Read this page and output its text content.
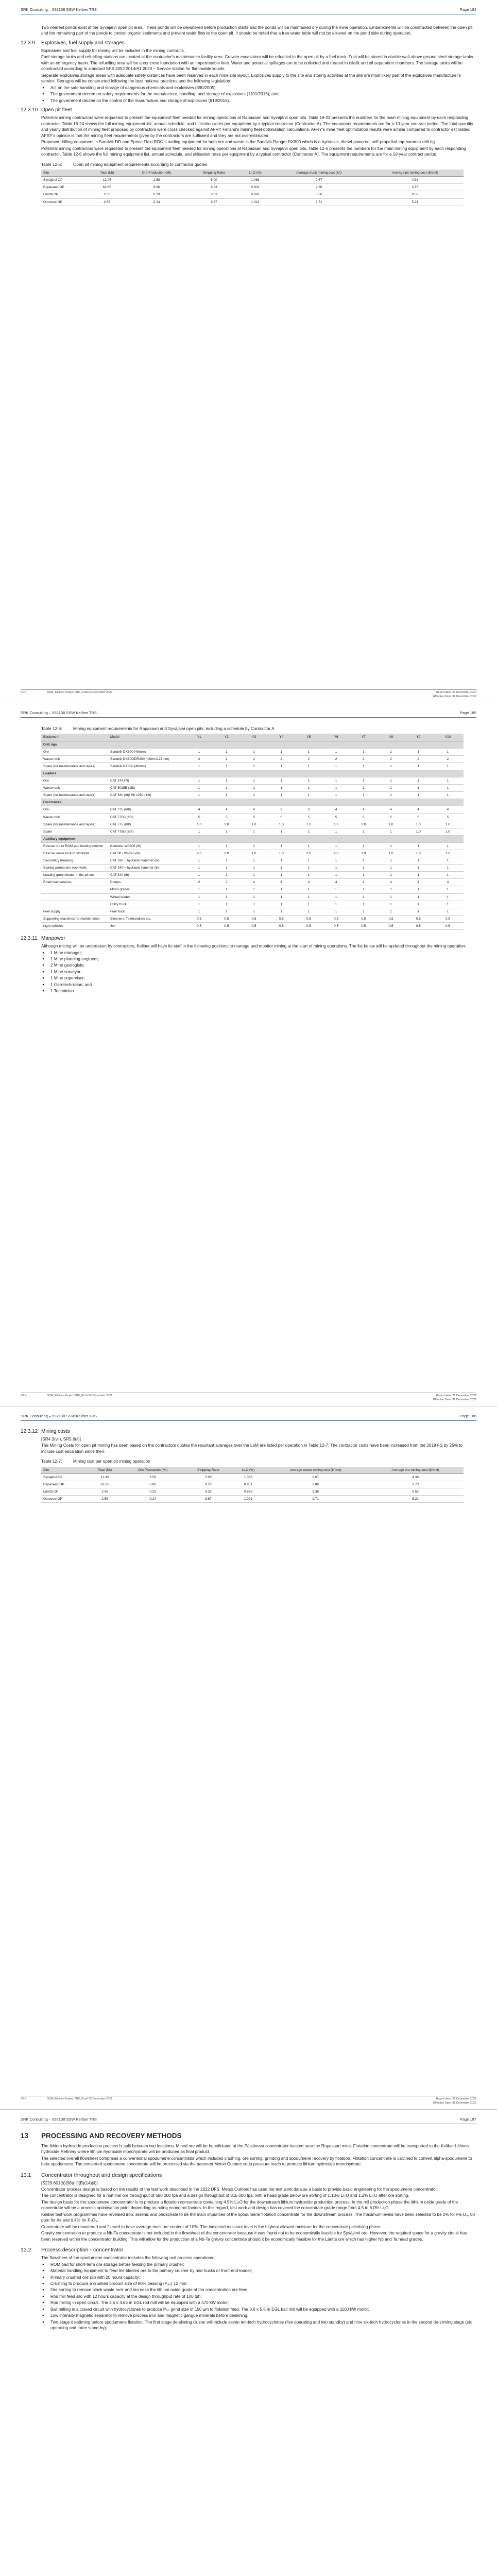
SRK Consulting – 592138 SSW Keliber TRS	Page 184

Two nearest ponds exist at the Syväjärvi open pit area. These ponds will be dewatered before production starts and the ponds will be maintained dry during the mine operation. Embankments will be constructed between the open pit and the remaining part of the ponds to control organic sediments and prevent water flow to the open pit. It should be noted that a free water table will not be allowed on the pond side during operation.

12.3.9	Explosives, fuel supply and storages

Explosives and fuel supply for mining will be included in the mining contracts.

Fuel storage tanks and refuelling stations are located at the contractor's maintenance facility area. Crawler excavators will be refuelled in the open pit by a fuel truck. Fuel will be stored in double-wall above ground steel storage tanks with an emergency basin. The refuelling area will be a concrete foundation with an impermeable liner. Water and potential spillages are to be collected and treated in oil/silt and oil separation chambers. The storage tanks will be constructed according to standard SFS 3352:2014/A1:2020 – Service station for flammable liquids.

Separate explosives storage areas with adequate safety distances have been reserved in each mine site layout. Explosives supply to the site and storing activities at the site are most likely part of the explosives manufacturer's service. Storages will be constructed following the best national practices and the following legislation:

● Act on the safe handling and storage of dangerous chemicals and explosives (390/2005);
● The government decree on safety requirements for the manufacture, handling, and storage of explosives (1101/2015); and
● The government decree on the control of the manufacture and storage of explosives (819/2015).
12.3.10 Open pit fleet

Potential mining contractors were requested to present the equipment fleet needed for mining operations at Rapasaari and Syväjärvi open pits. Table 16-23 presents the numbers for the main mining equipment by each responding contractor. Table 16-24 shows the full mining equipment list, annual schedule, and utilization rates per equipment by a typical contractor (Contractor A). The equipment requirements are for a 10-year contract period. The total quantity and yearly distribution of mining fleet proposed by contractors were cross checked against AFRY Finland's mining fleet optimisation calculations. AFRY's mine fleet optimization results were similar compared to contractor estimates. AFRY's opinion is that the mining fleet requirements given by the contractors are sufficient and they are not overestimated.

Proposed drilling equipment is Sandvik DR and Epiroc Flexi ROC. Loading equipment for both ore and waste is the Sandvik Ranger DX800 which is a hydraulic, diesel-powered, self-propelled top-hammer drill rig.

Potential mining contractors were requested to present the equipment fleet needed for mining operations at Rapasaari and Syväjärvi open pits. Table 12-5 presents the numbers for the main mining equipment by each responding contractor. Table 12-6 shows the full mining equipment list, annual schedule, and utilisation rates per equipment by a typical contractor (Contractor A). The equipment requirements are for a 10-year contract period.

Table 12-5:	Open pit mining equipment requirements according to contractor quotes
Site	Total (Mt)	Ore Production (Mt)	Stripping Ratio	Li₂O (%)	Average truck mining cost (€/t)	Average pit mining cost (€/dmt)
Syväjärvi OP	12.45	2.58	5.00	1.068	2.67	4.38
Rapasaari OP	62.65	6.86	8.23	0.901	2.86	3.73
Länttä OP	2.56	0.29	8.33	0.866	3.36	8.52
Outovesi OP	2.56	0.24	9.67	1.021	2.71	5.21
SRK	SSW_Keliber Project TRS_Final 22 December 2022	Report date: 22 December 2022
Effective Date: 31 December 2022
SRK Consulting – 592138 SSW Keliber TRS	Page 185
Table 12-6:	Mining equipment requirements for Rapasaari and Syväjärvi open pits, including a schedule by Contractor A
Equipment	Model	Y1	Y2	Y3	Y4	Y5	Y6	Y7	Y8	Y9	Y10
Drill rigs											
Ore	Sandvik DX800 (48mm)	1	1	1	1	1	1	1	1	1	1
Waste rock	Sandvik DX800/DR400 (48mm/127mm)	2	2	2	2	2	2	2	2	2	2
Spare (for maintenance and repair)	Sandvik DX800 (48mm)	1	1	1	1	1	1	1	1	1	1
Loaders											
Ore	CAT 374 (7t)	1	1	1	1	1	1	1	1	1	1
Waste rock	CAT 6015B (15t)	1	1	1	1	1	1	1	1	1	1
Spare (for maintenance and repair)	CAT 340 (6t)/ Hit 1250 (12t)	1	1	1	1	1	1	1	1	1	1
Haul trucks											
Ore	CAT 775 (60t)	4	4	4	3	3	4	4	4	4	4
Waste rock	CAT 775G (60t)	5	5	5	5	5	5	5	5	5	5
Spare (for maintenance and repair)	CAT 775 (60t)	1.0	1.0	1.0	1.0	1.0	1.0	1.0	1.0	1.0	1.0
Spare	CAT 775G (60t)	1	1	1	1	1	1	1	1	1.0	1.0
Auxiliary equipment											
Rescue ore to ROM pad feeding crusher	Komatsu WA600 (6t)	1	1	1	1	1	1	1	1	1	1
Rescue waste rock to stockpile	CAT 08 / 05-295 (6t)	2.0	2.0	1.0	1.0	2.0	2.0	1.0	1.0	1.0	1.0
Secondary breaking	CAT 330 + hydraulic hammer (6t)	1	1	1	1	1	1	1	1	1	1
Scaling permanent rock walls	CAT 340 + hydraulic hammer (6t)	1	1	1	1	1	1	1	1	1	1
Loading groundwater in the pit etc.	CAT 340 (6t)	1	1	1	1	1	1	1	1	1	1
Road maintenance	Pumps	2	2	4	4	4	4	4	4	4	4
	Motor grader	1	1	1	1	1	1	1	1	1	1
	Wheel loader	1	1	1	1	1	1	1	1	1	1
	Utility truck	1	1	1	1	1	1	1	1	1	1
Fuel supply	Fuel truck	1	1	1	1	1	1	1	1	1	1
Supporting machines for maintenance	Sleipners, Telehandlers etc.	0.5	0.5	0.5	0.5	0.5	0.5	0.5	0.5	0.5	0.5
Light vehicles	4x4	0.5	0.5	0.5	0.5	0.5	0.5	0.5	0.5	0.5	0.5
12.3.11 Manpower

Although mining will be undertaken by contractors, Keliber will have its staff in the following positions to manage and monitor mining at the start of mining operations. The list below will be updated throughout the mining operation:

● 1 Mine manager;
● 1 Mine planning engineer;
● 2 Mine geologists;
● 1 Mine surveyor;
● 1 Mine supervisor;
● 1 Geo-technician; and
● 1 Technician.
SRK	SSW_Keliber Project TRS_Final 22 December 2022	Report date: 22 December 2022
Effective Date: 31 December 2022
SRK Consulting – 592138 SSW Keliber TRS	Page 186
12.3.12 Mining costs

[SR4.3(vii), SR5.6(ii)]

The Mining Costs for open pit mining has been based on the contractors quotes the resultant averages over the LoM are listed per operation in Table 12-7. The contractor costs have been increased from the 2019 FS by 25% to include cost escalation since then.

Table 12-7:	Mining cost per open pit mining operation
Site	Total (Mt)	Ore Production (Mt)	Stripping Ratio	Li₂O (%)	Average waste mining cost (€/dmt)	Average ore mining cost (€/dmt)
Syväjärvi OP	12.45	2.58	5.00	1.068	2.67	4.38
Rapasaari OP	62.65	6.86	8.23	0.901	2.86	3.73
Länttä OP	2.56	0.29	8.33	0.866	3.36	8.52
Outovesi OP	2.56	0.24	9.67	1.021	2.71	5.21
SRK	SSW_Keliber Project TRS_Final 22 December 2022	Report date: 22 December 2022
Effective Date: 31 December 2022
SRK Consulting – 592138 SSW Keliber TRS	Page 187
13	PROCESSING AND RECOVERY METHODS

The lithium hydroxide production process is split between two locations. Mined ore will be beneficiated at the Päiväneva concentrator located near the Rapasaari mine. Flotation concentrate will be transported to the Keliber Lithium hydroxide Refinery where lithium hydroxide monohydrate will be produced as final product.

The selected overall flowsheet comprises a conventional spodumene concentrator which includes crushing, ore sorting, grinding and spodumene recovery by flotation. Flotation concentrate is calcined to convert alpha-spodumene to beta-spodumene. The converted spodumene concentrate will be processed via the patented Metso Outotec soda pressure leach to produce lithium hydroxide monohydrate.

13.1	Concentrator throughput and design specifications

[S229.601(b)(96)(iii)(B)(14)(ii)]

Concentrator process design is based on the results of the test work described in the 2022 DFS. Metso Outotec has used the test work data as a basis to provide basic engineering for the spodumene concentrator.

The concentrator is designed for a nominal ore throughput of 680 000 tpa and a design throughput of 815 000 tpa, with a head grade below ore sorting of 1.13% Li₂O and 1.2% Li₂O after ore sorting.

The design basis for the spodumene concentrator is to produce a flotation concentrate containing 4.5% Li₂O for the downstream lithium hydroxide production process. In the roll production phase the lithium oxide grade of the concentrate will be a process optimisation point depending on ruling economic factors. In this regard, test work and design has covered the concentrate grade range from 4.5 to 6.0% Li₂O.

Keliber test work programmes have revealed iron, arsenic and phosphate to be the main impurities of the spodumene flotation concentrate for the downstream process. The maximum levels have been selected to be 2% for Fe₂O₃, 50 ppm for As and 0.4% for P₂O₅.

Concentrate will be dewatered and filtered to have average moisture content of 10%. The indicated moisture level is the highest allowed moisture for the concentrate pelletising phase.

Gravity concentration to produce a Nb-Ta concentrate is not included in the flowsheet of the concentrator because it was found not to be economically feasible for Syväjärvi ore. However, the required space for a gravity circuit has been reserved within the concentrator building. This will allow for the production of a Nb-Ta gravity concentrate should it be economically feasible for the Länttä ore which has higher Nb and Ta head grades.

13.2	Process description - concentrator

The flowsheet of the spodumene concentrator includes the following unit process operations:

● ROM pad for short-term ore storage before feeding the primary crusher;
● Material handling equipment to feed the blasted ore to the primary crusher by one trucks or front-end-loader;
● Primary crushed ore silo with 20 hours capacity;
● Crushing to produce a crushed product size of 80% passing (P₈₀) 12 mm;
● Ore sorting to remove black waste rock and increase the lithium oxide grade of the concentration ore feed;
● Rod mill feed silo with 12 hours capacity at the design throughput rate of 100 tph;
● Rod milling in open circuit. The 3.5 x 4.65 m EGL rod mill will be equipped with a 470 kW motor;
● Ball milling in a closed circuit with hydrocyclones to produce P₈₀ grind size of 150 µm to flotation feed. The 3.6 x 5.6 m EGL ball mill will be equipped with a 1100 kW motor;
● Low intensity magnetic separator to remove process iron and magnetic gangue minerals before desliming;
● Two-stage de-sliming before spodumene flotation. The first stage de-sliming cluster will include seven ten-inch hydrocyclones (five operating and two standby) and nine six-inch hydrocyclones in the second de-sliming stage (six operating and three stand-by);
